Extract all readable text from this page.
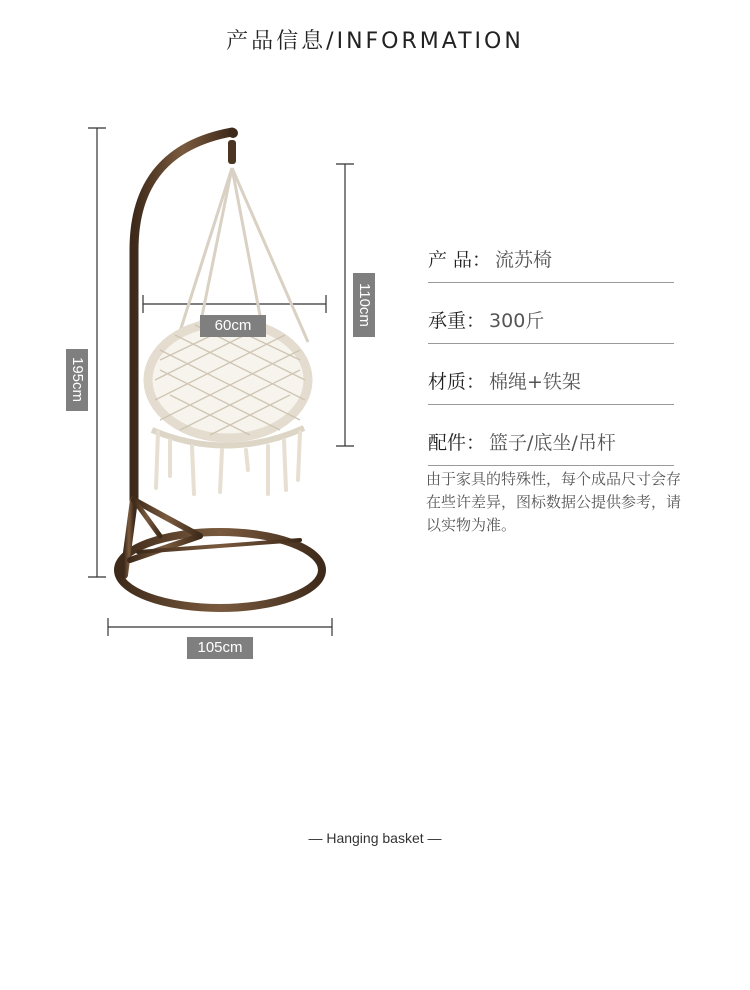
产品信息/INFORMATION
195cm
110cm
60cm
105cm
产 品： 流苏椅
承重： 300斤
材质： 棉绳+铁架
配件： 篮子/底坐/吊杆
由于家具的特殊性，每个成品尺寸会存在些许差异，图标数据公提供参考，请以实物为准。
— Hanging basket —
